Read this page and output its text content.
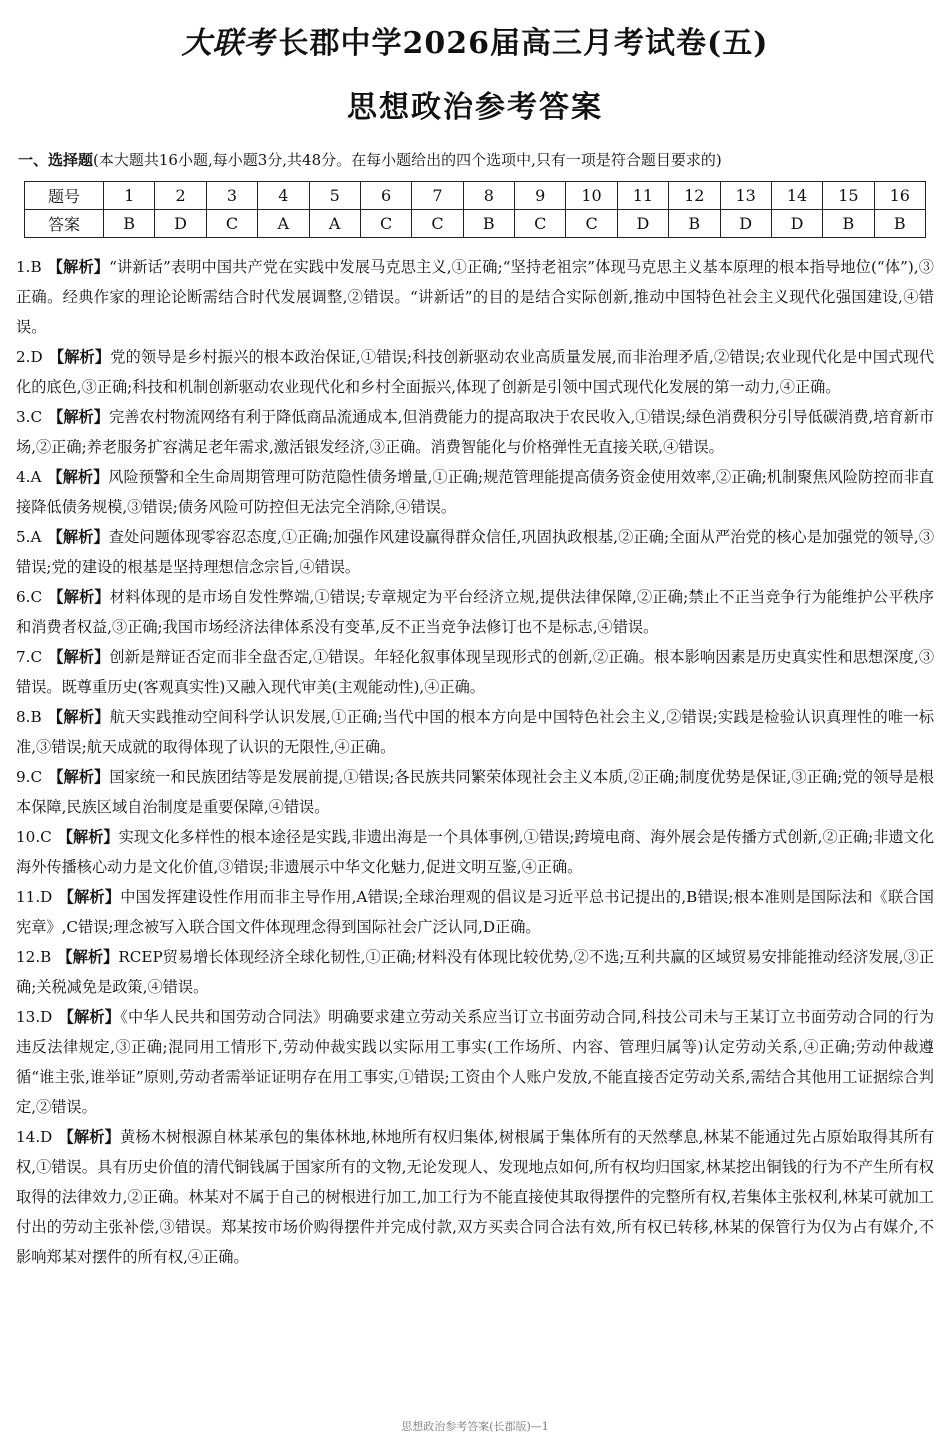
大联考 长郡中学2026届高三月考试卷(五)
思想政治参考答案
一、选择题(本大题共16小题,每小题3分,共48分。在每小题给出的四个选项中,只有一项是符合题目要求的)
题号	1	2	3	4	5	6	7	8	9	10	11	12	13	14	15	16
答案	B	D	C	A	A	C	C	B	C	C	D	B	D	D	B	B

1.B 【解析】“讲新话”表明中国共产党在实践中发展马克思主义,①正确;“坚持老祖宗”体现马克思主义基本原理的根本指导地位(“体”),③正确。经典作家的理论论断需结合时代发展调整,②错误。“讲新话”的目的是结合实际创新,推动中国特色社会主义现代化强国建设,④错误。

2.D 【解析】党的领导是乡村振兴的根本政治保证,①错误;科技创新驱动农业高质量发展,而非治理矛盾,②错误;农业现代化是中国式现代化的底色,③正确;科技和机制创新驱动农业现代化和乡村全面振兴,体现了创新是引领中国式现代化发展的第一动力,④正确。

3.C 【解析】完善农村物流网络有利于降低商品流通成本,但消费能力的提高取决于农民收入,①错误;绿色消费积分引导低碳消费,培育新市场,②正确;养老服务扩容满足老年需求,激活银发经济,③正确。消费智能化与价格弹性无直接关联,④错误。

4.A 【解析】风险预警和全生命周期管理可防范隐性债务增量,①正确;规范管理能提高债务资金使用效率,②正确;机制聚焦风险防控而非直接降低债务规模,③错误;债务风险可防控但无法完全消除,④错误。

5.A 【解析】查处问题体现零容忍态度,①正确;加强作风建设赢得群众信任,巩固执政根基,②正确;全面从严治党的核心是加强党的领导,③错误;党的建设的根基是坚持理想信念宗旨,④错误。

6.C 【解析】材料体现的是市场自发性弊端,①错误;专章规定为平台经济立规,提供法律保障,②正确;禁止不正当竞争行为能维护公平秩序和消费者权益,③正确;我国市场经济法律体系没有变革,反不正当竞争法修订也不是标志,④错误。

7.C 【解析】创新是辩证否定而非全盘否定,①错误。年轻化叙事体现呈现形式的创新,②正确。根本影响因素是历史真实性和思想深度,③错误。既尊重历史(客观真实性)又融入现代审美(主观能动性),④正确。

8.B 【解析】航天实践推动空间科学认识发展,①正确;当代中国的根本方向是中国特色社会主义,②错误;实践是检验认识真理性的唯一标准,③错误;航天成就的取得体现了认识的无限性,④正确。

9.C 【解析】国家统一和民族团结等是发展前提,①错误;各民族共同繁荣体现社会主义本质,②正确;制度优势是保证,③正确;党的领导是根本保障,民族区域自治制度是重要保障,④错误。

10.C 【解析】实现文化多样性的根本途径是实践,非遗出海是一个具体事例,①错误;跨境电商、海外展会是传播方式创新,②正确;非遗文化海外传播核心动力是文化价值,③错误;非遗展示中华文化魅力,促进文明互鉴,④正确。

11.D 【解析】中国发挥建设性作用而非主导作用,A错误;全球治理观的倡议是习近平总书记提出的,B错误;根本准则是国际法和《联合国宪章》,C错误;理念被写入联合国文件体现理念得到国际社会广泛认同,D正确。

12.B 【解析】RCEP贸易增长体现经济全球化韧性,①正确;材料没有体现比较优势,②不选;互利共赢的区域贸易安排能推动经济发展,③正确;关税减免是政策,④错误。

13.D 【解析】《中华人民共和国劳动合同法》明确要求建立劳动关系应当订立书面劳动合同,科技公司未与王某订立书面劳动合同的行为违反法律规定,③正确;混同用工情形下,劳动仲裁实践以实际用工事实(工作场所、内容、管理归属等)认定劳动关系,④正确;劳动仲裁遵循“谁主张,谁举证”原则,劳动者需举证证明存在用工事实,①错误;工资由个人账户发放,不能直接否定劳动关系,需结合其他用工证据综合判定,②错误。

14.D 【解析】黄杨木树根源自林某承包的集体林地,林地所有权归集体,树根属于集体所有的天然孳息,林某不能通过先占原始取得其所有权,①错误。具有历史价值的清代铜钱属于国家所有的文物,无论发现人、发现地点如何,所有权均归国家,林某挖出铜钱的行为不产生所有权取得的法律效力,②正确。林某对不属于自己的树根进行加工,加工行为不能直接使其取得摆件的完整所有权,若集体主张权利,林某可就加工付出的劳动主张补偿,③错误。郑某按市场价购得摆件并完成付款,双方买卖合同合法有效,所有权已转移,林某的保管行为仅为占有媒介,不影响郑某对摆件的所有权,④正确。

思想政治参考答案(长郡版)—1
